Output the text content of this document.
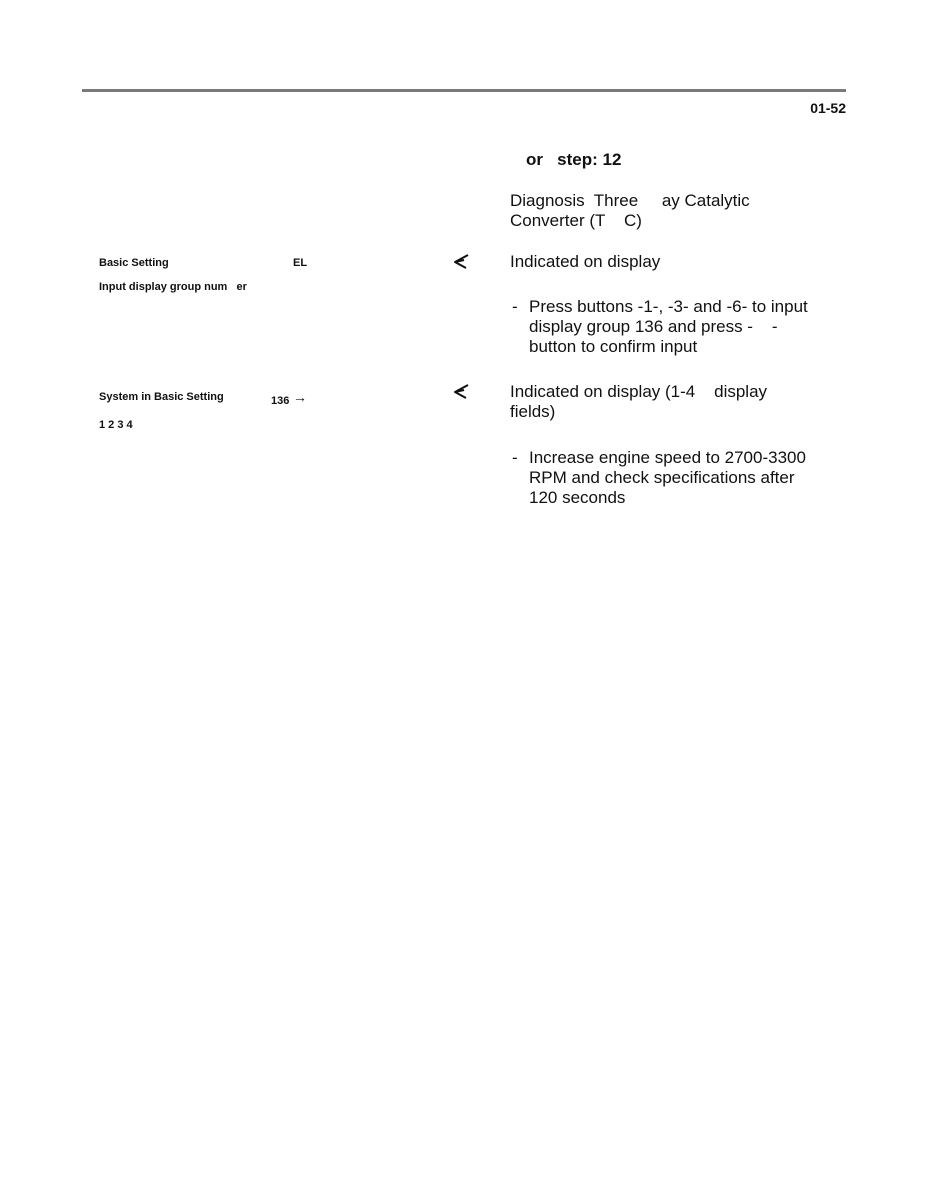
01-52
or   step: 12
Diagnosis  Three     ay Catalytic
Converter (T    C)
Basic Setting	EL
Input display group num   er
Indicated on display
- Press buttons -1-, -3- and -6- to input
display group 136 and press -    -
button to confirm input
System in Basic Setting	136 →
1 2 3 4
Indicated on display (1-4    display
fields)
- Increase engine speed to 2700-3300
RPM and check specifications after
120 seconds
